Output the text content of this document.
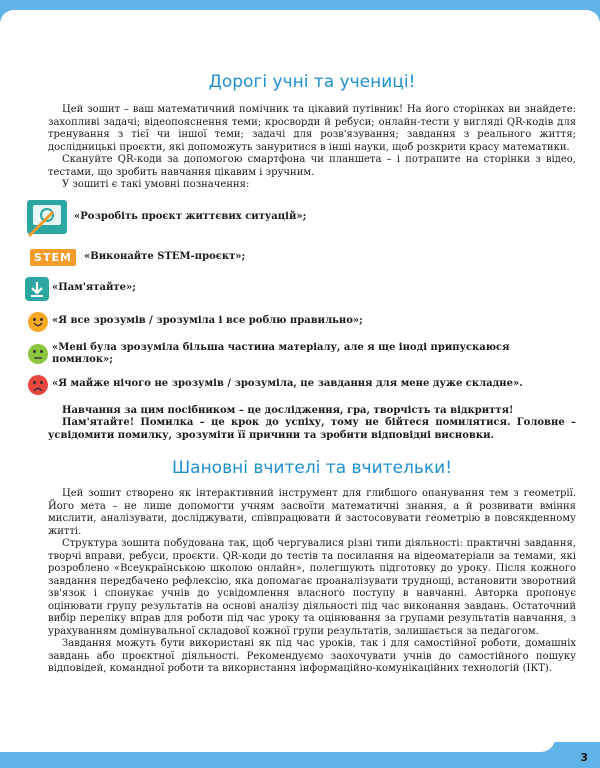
Дорогі учні та учениці!

Цей зошит – ваш математичний помічник та цікавий путівник! На його сторінках ви знайдете: захопливі задачі; відеопояснення теми; кросворди й ребуси; онлайн-тести у вигляді QR-кодів для тренування з тієї чи іншої теми; задачі для розв'язування; завдання з реального життя; дослідницькі проєкти, які допоможуть зануритися в інші науки, щоб розкрити красу математики.

Скануйте QR-коди за допомогою смартфона чи планшета – і потрапите на сторінки з відео, тестами, що зробить навчання цікавим і зручним.

У зошиті є такі умовні позначення:

«Розробіть проєкт життєвих ситуацій»;
STEM	«Виконайте STEM-проєкт»;
«Пам'ятайте»;
«Я все зрозумів / зрозуміла і все роблю правильно»;
«Мені була зрозуміла більша частина матеріалу, але я ще іноді припускаюся помилок»;
«Я майже нічого не зрозумів / зрозуміла, це завдання для мене дуже складне».

Навчання за цим посібником – це дослідження, гра, творчість та відкриття!

Пам'ятайте! Помилка – це крок до успіху, тому не бійтеся помилятися. Головне – усвідомити помилку, зрозуміти її причини та зробити відповідні висновки.

Шановні вчителі та вчительки!

Цей зошит створено як інтерактивний інструмент для глибшого опанування тем з геометрії. Його мета – не лише допомогти учням засвоїти математичні знання, а й розвивати вміння мислити, аналізувати, досліджувати, співпрацювати й застосовувати геометрію в повсякденному житті.

Структура зошита побудована так, щоб чергувалися різні типи діяльності: практичні завдання, творчі вправи, ребуси, проєкти. QR-коди до тестів та посилання на відеоматеріали за темами, які розроблено «Всеукраїнською школою онлайн», полегшують підготовку до уроку. Після кожного завдання передбачено рефлексію, яка допомагає проаналізувати труднощі, встановити зворотний зв'язок і спонукає учнів до усвідомлення власного поступу в навчанні. Авторка пропонує оцінювати групу результатів на основі аналізу діяльності під час виконання завдань. Остаточний вибір переліку вправ для роботи під час уроку та оцінювання за групами результатів навчання, з урахуванням домінувальної складової кожної групи результатів, залишається за педагогом.

Завдання можуть бути використані як під час уроків, так і для самостійної роботи, домашніх завдань або проєктної діяльності. Рекомендуємо заохочувати учнів до самостійного пошуку відповідей, командної роботи та використання інформаційно-комунікаційних технологій (ІКТ).

3
